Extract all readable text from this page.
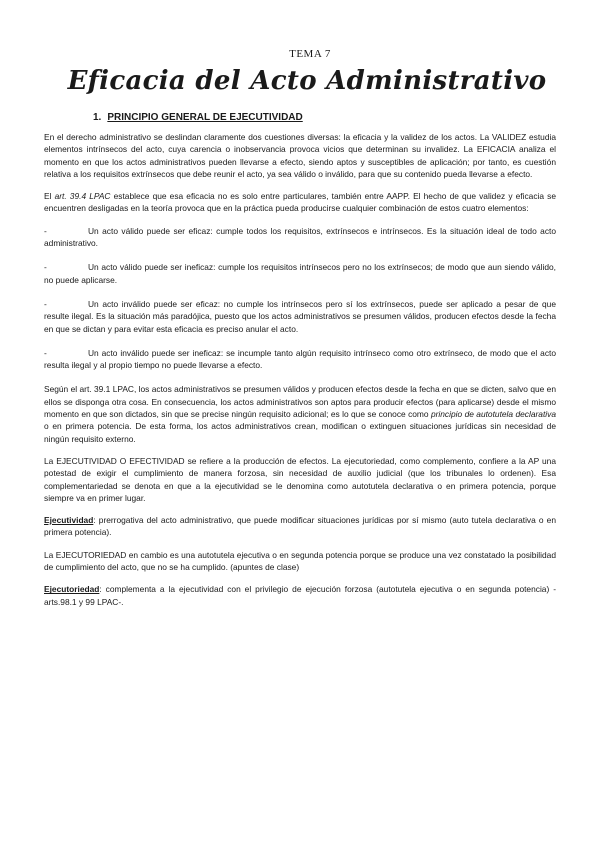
TEMA 7
Eficacia del Acto Administrativo
1. PRINCIPIO GENERAL DE EJECUTIVIDAD

En el derecho administrativo se deslindan claramente dos cuestiones diversas: la eficacia y la validez de los actos. La VALIDEZ estudia elementos intrínsecos del acto, cuya carencia o inobservancia provoca vicios que determinan su invalidez. La EFICACIA analiza el momento en que los actos administrativos pueden llevarse a efecto, siendo aptos y susceptibles de aplicación; por tanto, es cuestión relativa a los requisitos extrínsecos que debe reunir el acto, ya sea válido o inválido, para que su contenido pueda llevarse a efecto.

El art. 39.4 LPAC establece que esa eficacia no es solo entre particulares, también entre AAPP. El hecho de que validez y eficacia se encuentren desligadas en la teoría provoca que en la práctica pueda producirse cualquier combinación de estos cuatro elementos:

-	Un acto válido puede ser eficaz: cumple todos los requisitos, extrínsecos e intrínsecos. Es la situación ideal de todo acto administrativo.

-	Un acto válido puede ser ineficaz: cumple los requisitos intrínsecos pero no los extrínsecos; de modo que aun siendo válido, no puede aplicarse.

-	Un acto inválido puede ser eficaz: no cumple los intrínsecos pero sí los extrínsecos, puede ser aplicado a pesar de que resulte ilegal. Es la situación más paradójica, puesto que los actos administrativos se presumen válidos, producen efectos desde la fecha en que se dictan y para evitar esta eficacia es preciso anular el acto.

-	Un acto inválido puede ser ineficaz: se incumple tanto algún requisito intrínseco como otro extrínseco, de modo que el acto resulta ilegal y al propio tiempo no puede llevarse a efecto.

Según el art. 39.1 LPAC, los actos administrativos se presumen válidos y producen efectos desde la fecha en que se dicten, salvo que en ellos se disponga otra cosa. En consecuencia, los actos administrativos son aptos para producir efectos (para aplicarse) desde el mismo momento en que son dictados, sin que se precise ningún requisito adicional; es lo que se conoce como principio de autotutela declarativa o en primera potencia. De esta forma, los actos administrativos crean, modifican o extinguen situaciones jurídicas sin necesidad de ningún requisito externo.

La EJECUTIVIDAD O EFECTIVIDAD se refiere a la producción de efectos. La ejecutoriedad, como complemento, confiere a la AP una potestad de exigir el cumplimiento de manera forzosa, sin necesidad de auxilio judicial (que los tribunales lo ordenen). Esa complementariedad se denota en que a la ejecutividad se le denomina como autotutela declarativa o en primera potencia, porque siempre va en primer lugar.

Ejecutividad: prerrogativa del acto administrativo, que puede modificar situaciones jurídicas por sí mismo (auto tutela declarativa o en primera potencia).

La EJECUTORIEDAD en cambio es una autotutela ejecutiva o en segunda potencia porque se produce una vez constatado la posibilidad de cumplimiento del acto, que no se ha cumplido. (apuntes de clase)

Ejecutoriedad: complementa a la ejecutividad con el privilegio de ejecución forzosa (autotutela ejecutiva o en segunda potencia) - arts.98.1 y 99 LPAC-.
